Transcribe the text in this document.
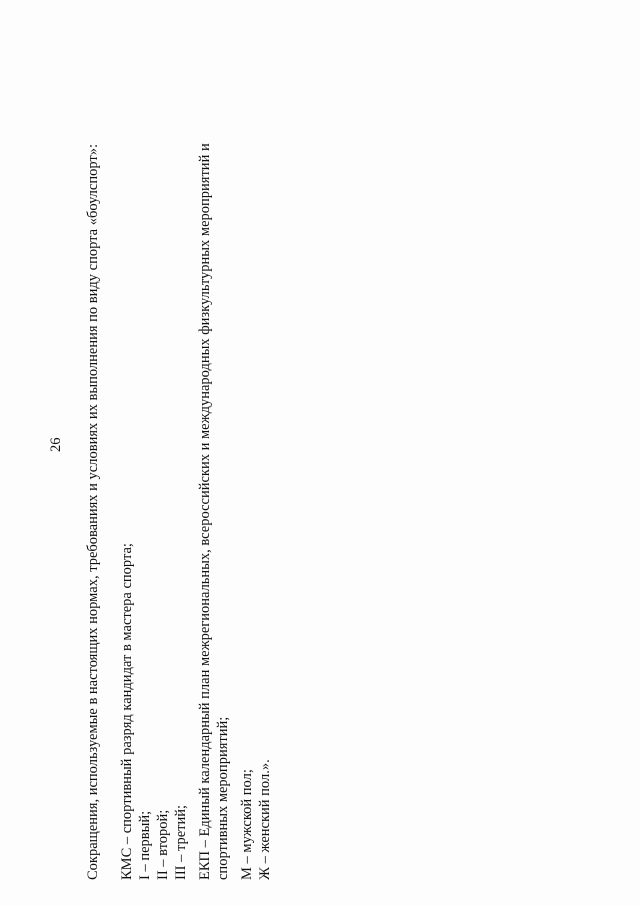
26 Сокращения, используемые в настоящих нормах, требованиях и условиях их выполнения по виду спорта «боулспорт»: КМС – спортивный разряд кандидат в мастера спорта; I – первый; II – второй; III – третий; ЕКП – Единый календарный план межрегиональных, всероссийских и международных физкультурных мероприятий и спортивных мероприятий; М – мужской пол; Ж – женский пол.».
